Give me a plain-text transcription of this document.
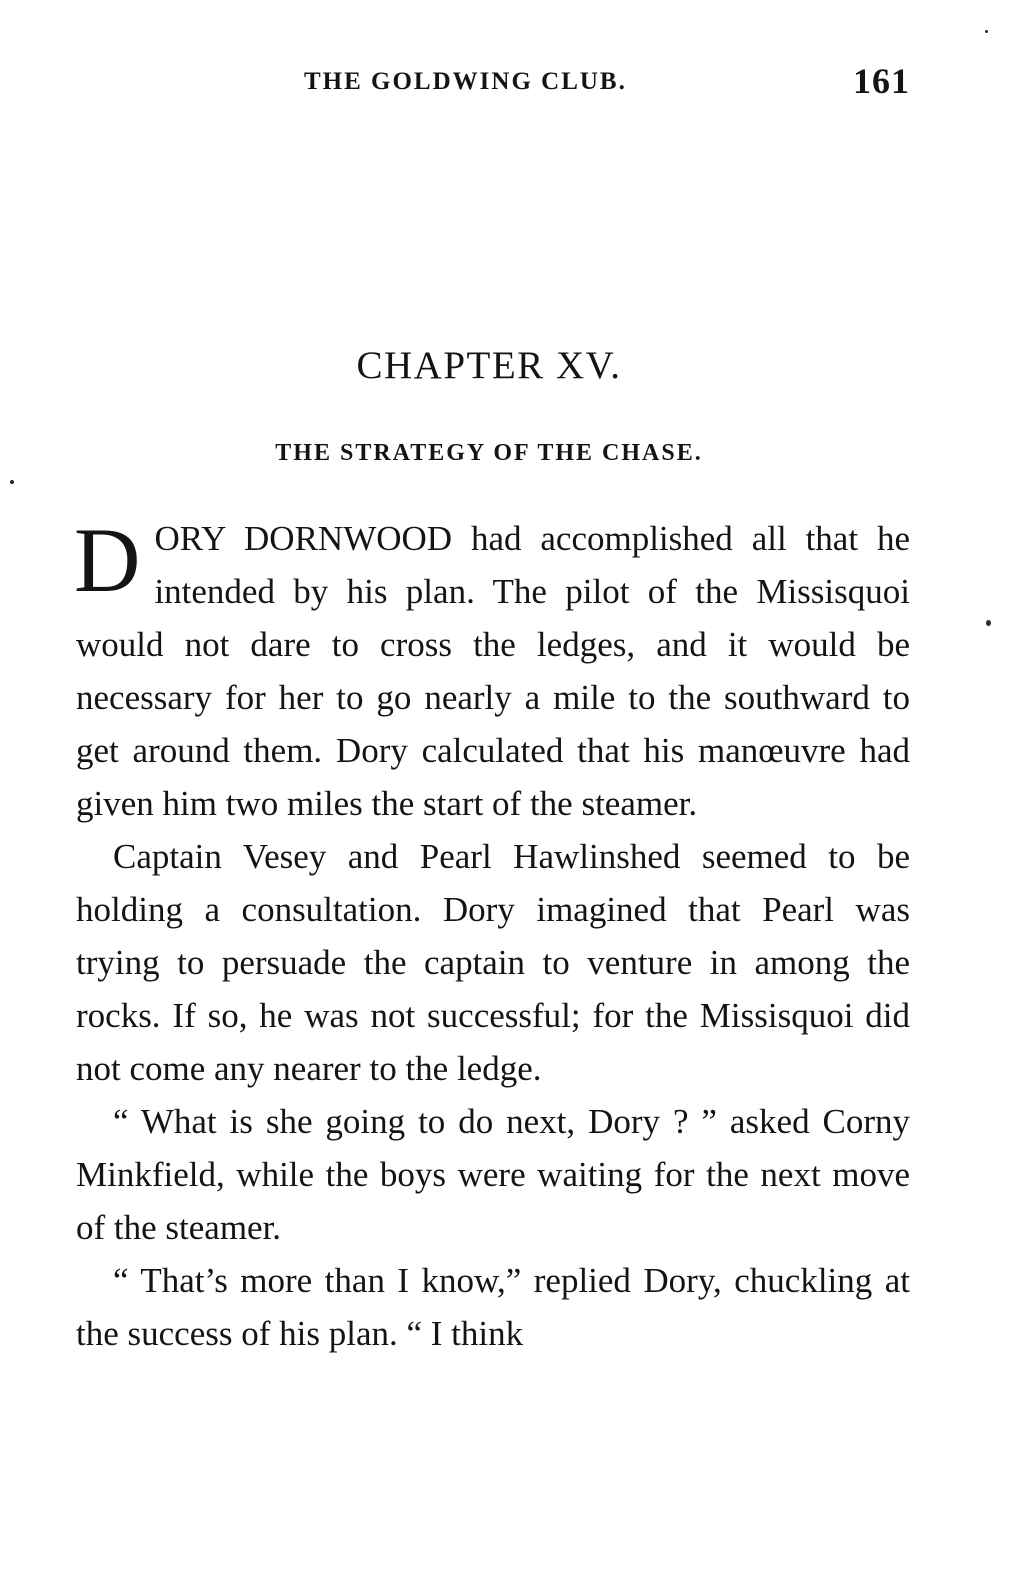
THE GOLDWING CLUB.	161
CHAPTER XV.
THE STRATEGY OF THE CHASE.

DORY DORNWOOD had accomplished all that he intended by his plan. The pilot of the Missisquoi would not dare to cross the ledges, and it would be necessary for her to go nearly a mile to the southward to get around them. Dory calculated that his manœuvre had given him two miles the start of the steamer.

Captain Vesey and Pearl Hawlinshed seemed to be holding a consultation. Dory imagined that Pearl was trying to persuade the captain to venture in among the rocks. If so, he was not successful; for the Missisquoi did not come any nearer to the ledge.

“ What is she going to do next, Dory ? ” asked Corny Minkfield, while the boys were waiting for the next move of the steamer.

“ That’s more than I know,” replied Dory, chuckling at the success of his plan. “ I think
